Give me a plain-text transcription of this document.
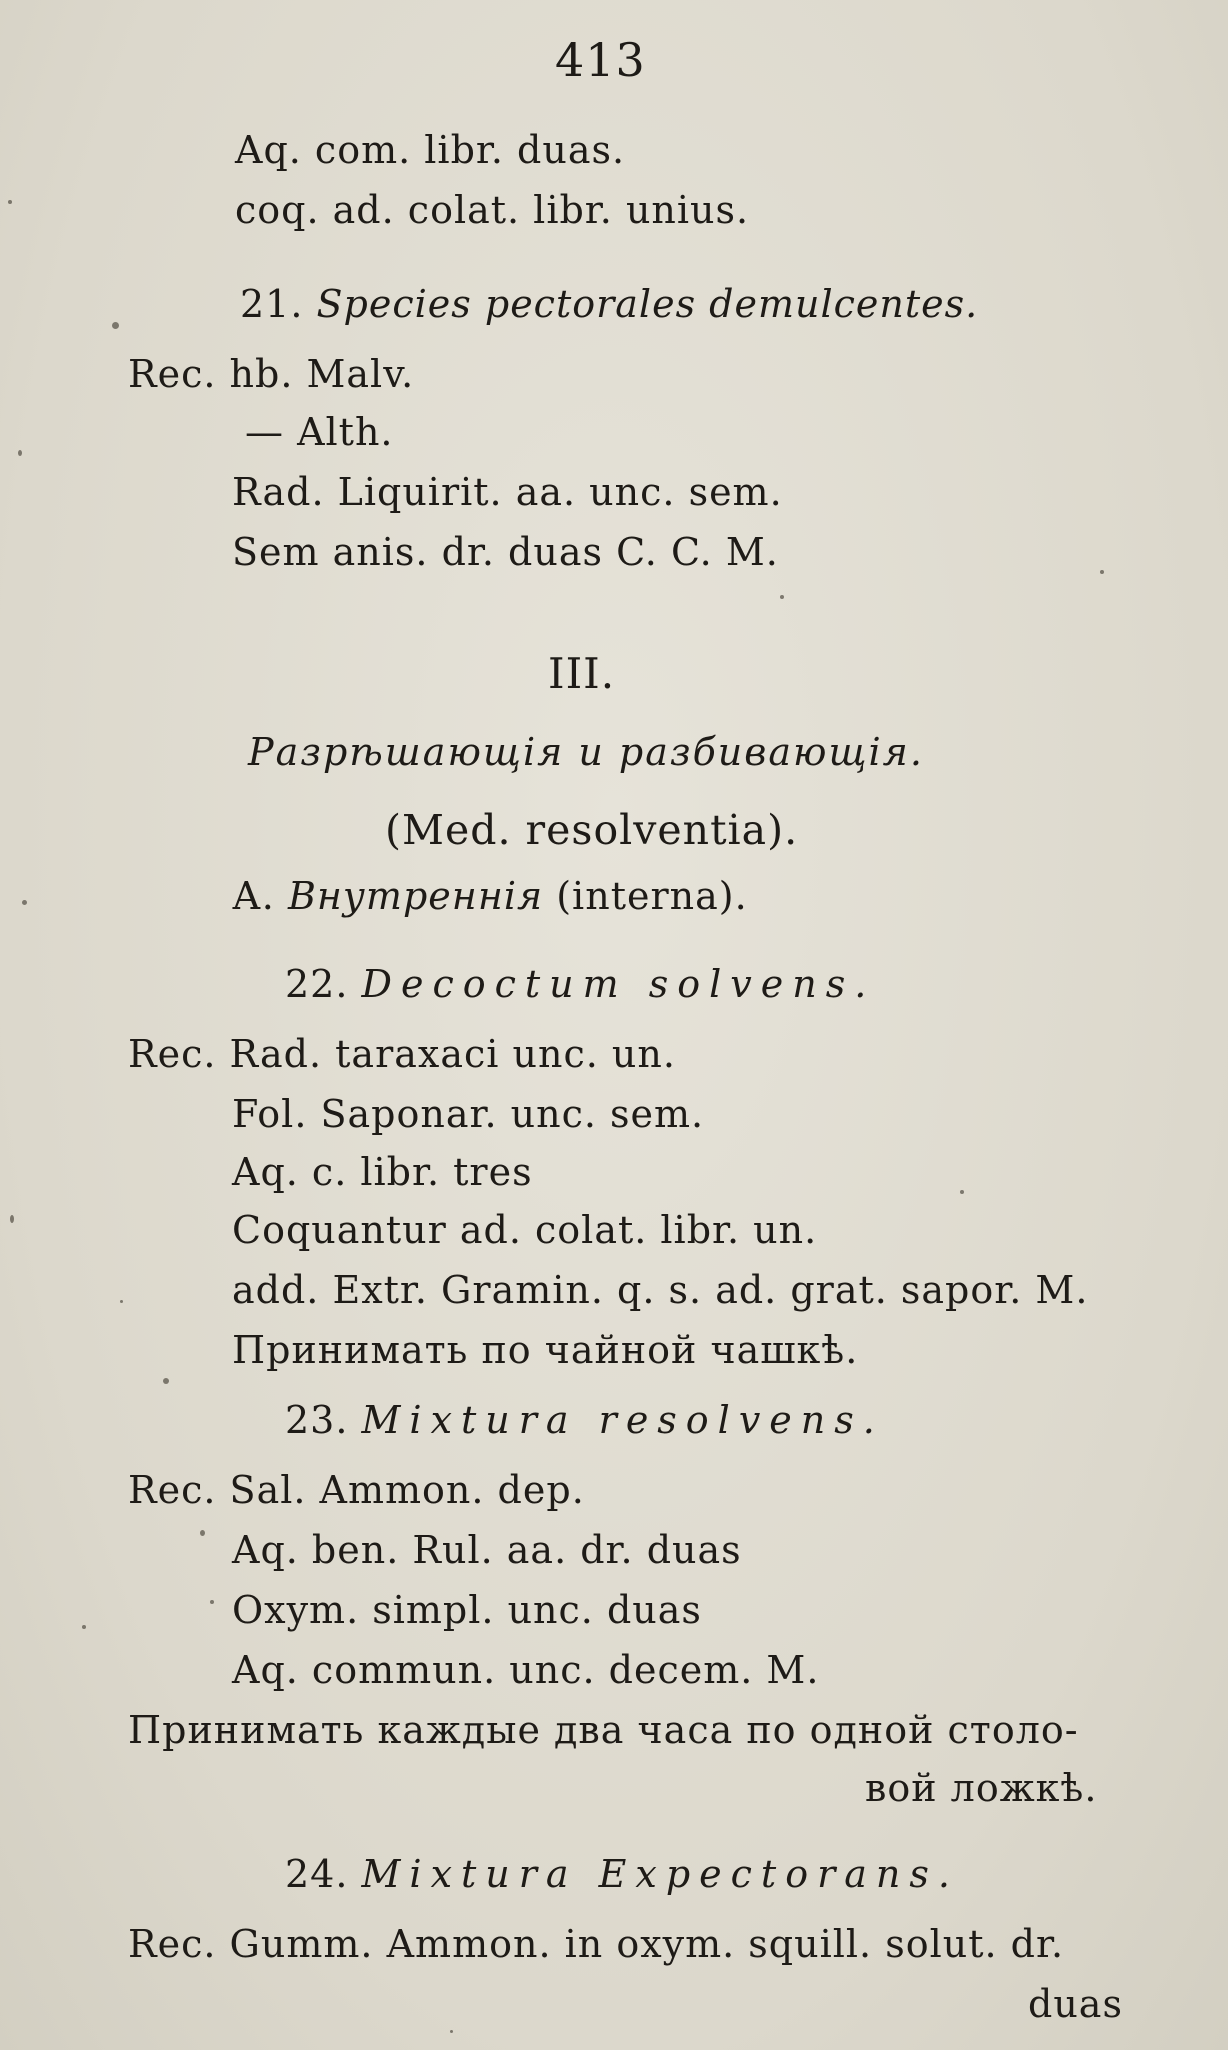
413
Aq. com. libr. duas.
coq. ad. colat. libr. unius.
21. Species pectorales demulcentes.
Rec. hb. Malv.
— Alth.
Rad. Liquirit. aa. unc. sem.
Sem anis. dr. duas C. C. M.
III.
Разрѣшающія и разбивающія.
(Med. resolventia).
А. Внутреннія (interna).
22. Decoctum solvens.
Rec. Rad. taraxaci unc. un.
Fol. Saponar. unc. sem.
Aq. c. libr. tres
Coquantur ad. colat. libr. un.
add. Extr. Gramin. q. s. ad. grat. sapor. M.
Принимать по чайной чашкѣ.
23. Mixtura resolvens.
Rec. Sal. Ammon. dep.
Aq. ben. Rul. aa. dr. duas
Oxym. simpl. unc. duas
Aq. commun. unc. decem. M.
Принимать каждые два часа по одной столо-
вой ложкѣ.
24. Mixtura Expectorans.
Rec. Gumm. Ammon. in oxym. squill. solut. dr.
duas
